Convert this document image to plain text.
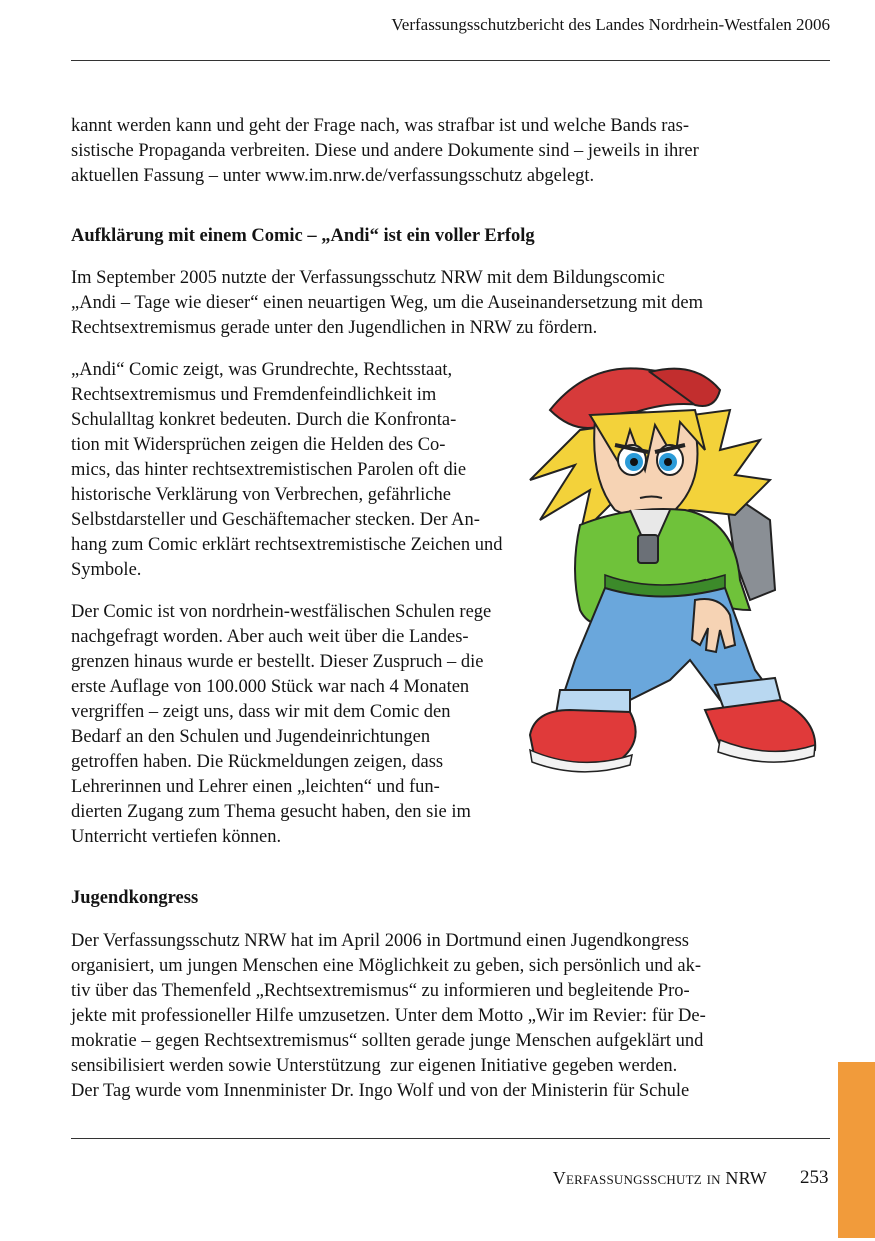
Verfassungsschutzbericht des Landes Nordrhein-Westfalen 2006

kannt werden kann und geht der Frage nach, was strafbar ist und welche Bands ras-

sistische Propaganda verbreiten. Diese und andere Dokumente sind – jeweils in ihrer

aktuellen Fassung – unter www.im.nrw.de/verfassungsschutz abgelegt.

Aufklärung mit einem Comic – „Andi“ ist ein voller Erfolg

Im September 2005 nutzte der Verfassungsschutz NRW mit dem Bildungscomic

„Andi – Tage wie dieser“ einen neuartigen Weg, um die Auseinandersetzung mit dem

Rechtsextremismus gerade unter den Jugendlichen in NRW zu fördern.

„Andi“ Comic zeigt, was Grundrechte, Rechtsstaat,

Rechtsextremismus und Fremdenfeindlichkeit im

Schulalltag konkret bedeuten. Durch die Konfronta-

tion mit Widersprüchen zeigen die Helden des Co-

mics, das hinter rechtsextremistischen Parolen oft die

historische Verklärung von Verbrechen, gefährliche

Selbstdarsteller und Geschäftemacher stecken. Der An-

hang zum Comic erklärt rechtsextremistische Zeichen und

Symbole.

Der Comic ist von nordrhein-westfälischen Schulen rege

nachgefragt worden. Aber auch weit über die Landes-

grenzen hinaus wurde er bestellt. Dieser Zuspruch – die

erste Auflage von 100.000 Stück war nach 4 Monaten

vergriffen – zeigt uns, dass wir mit dem Comic den

Bedarf an den Schulen und Jugendeinrichtungen

getroffen haben. Die Rückmeldungen zeigen, dass

Lehrerinnen und Lehrer einen „leichten“ und fun-

dierten Zugang zum Thema gesucht haben, den sie im

Unterricht vertiefen können.

Jugendkongress

Der Verfassungsschutz NRW hat im April 2006 in Dortmund einen Jugendkongress

organisiert, um jungen Menschen eine Möglichkeit zu geben, sich persönlich und ak-

tiv über das Themenfeld „Rechtsextremismus“ zu informieren und begleitende Pro-

jekte mit professioneller Hilfe umzusetzen. Unter dem Motto „Wir im Revier: für De-

mokratie – gegen Rechtsextremismus“ sollten gerade junge Menschen aufgeklärt und

sensibilisiert werden sowie Unterstützung  zur eigenen Initiative gegeben werden.

Der Tag wurde vom Innenminister Dr. Ingo Wolf und von der Ministerin für Schule

Verfassungsschutz in NRW 253
